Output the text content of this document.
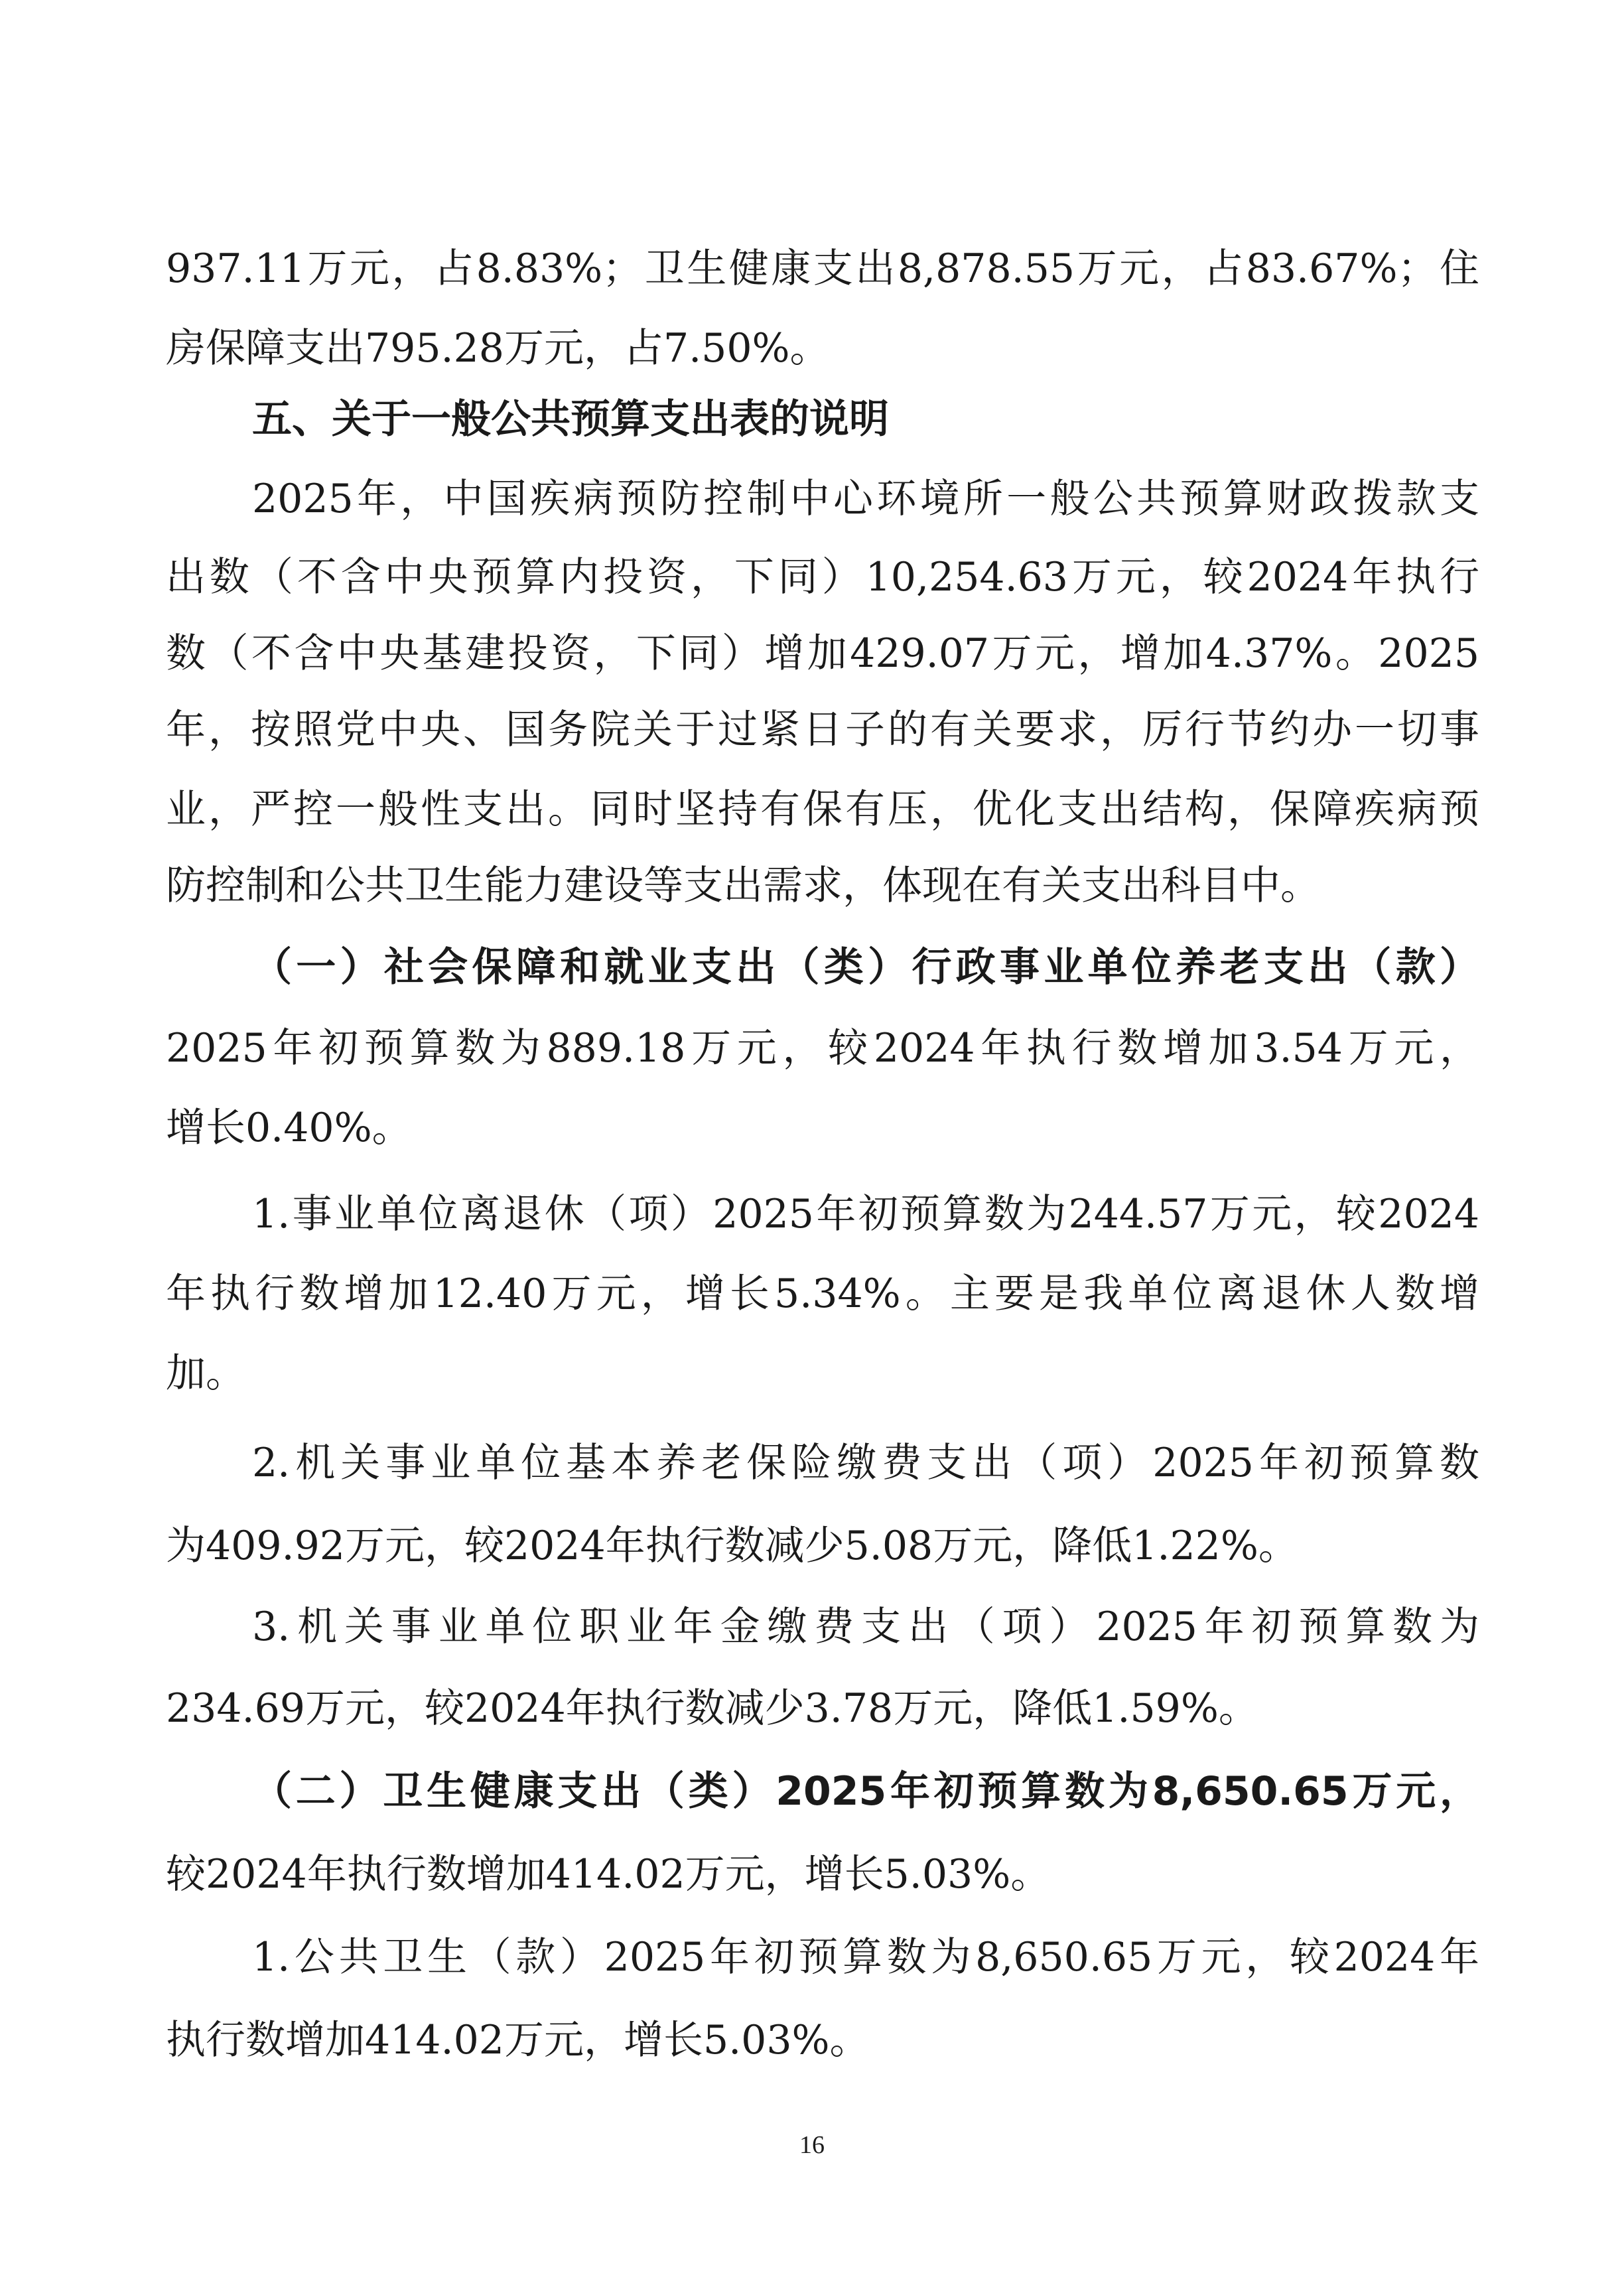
937.11万元，占8.83%；卫生健康支出8,878.55万元，占83.67%；住
房保障支出795.28万元，占7.50%。
五、关于一般公共预算支出表的说明
2025年，中国疾病预防控制中心环境所一般公共预算财政拨款支
出数（不含中央预算内投资，下同）10,254.63万元，较2024年执行
数（不含中央基建投资，下同）增加429.07万元，增加4.37%。2025
年，按照党中央、国务院关于过紧日子的有关要求，厉行节约办一切事
业，严控一般性支出。同时坚持有保有压，优化支出结构，保障疾病预
防控制和公共卫生能力建设等支出需求，体现在有关支出科目中。
（一）社会保障和就业支出（类）行政事业单位养老支出（款）
2025年初预算数为889.18万元，较2024年执行数增加3.54万元，
增长0.40%。
1.事业单位离退休（项）2025年初预算数为244.57万元，较2024
年执行数增加12.40万元，增长5.34%。主要是我单位离退休人数增
加。
2.机关事业单位基本养老保险缴费支出（项）2025年初预算数
为409.92万元，较2024年执行数减少5.08万元，降低1.22%。
3.机关事业单位职业年金缴费支出（项）2025年初预算数为
234.69万元，较2024年执行数减少3.78万元，降低1.59%。
（二）卫生健康支出（类）2025年初预算数为8,650.65万元，
较2024年执行数增加414.02万元，增长5.03%。
1.公共卫生（款）2025年初预算数为8,650.65万元，较2024年
执行数增加414.02万元，增长5.03%。
16
